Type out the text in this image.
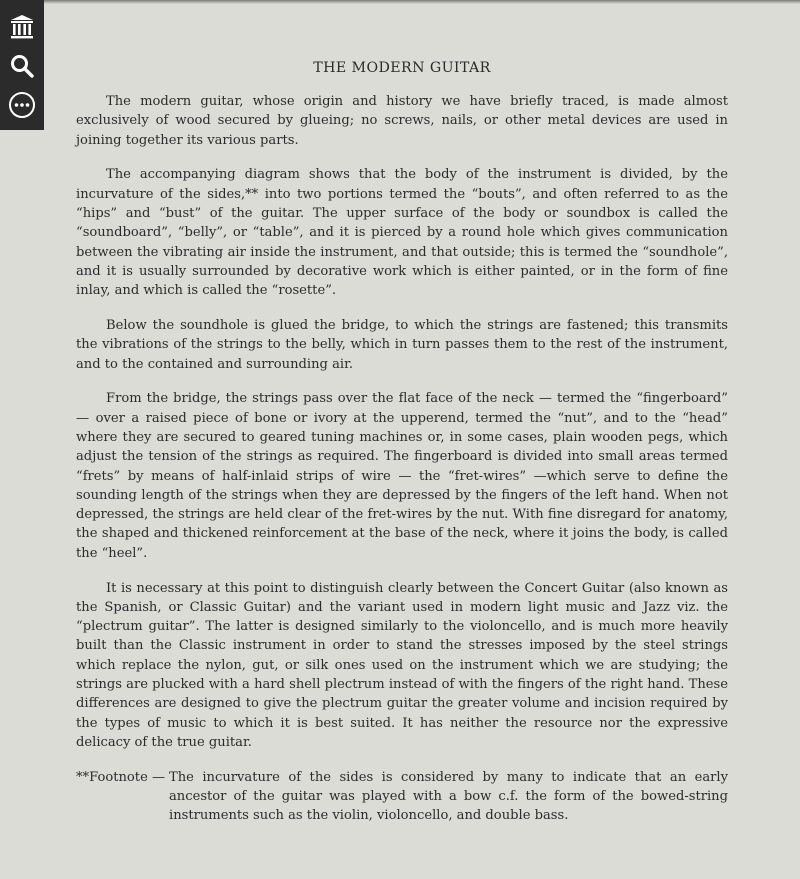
THE MODERN GUITAR

The modern guitar, whose origin and history we have briefly traced, is made almost exclusively of wood secured by glueing; no screws, nails, or other metal devices are used in joining together its various parts.

The accompanying diagram shows that the body of the instrument is divided, by the incurvature of the sides,** into two portions termed the “bouts”, and often referred to as the “hips” and “bust” of the guitar. The upper surface of the body or soundbox is called the “soundboard”, “belly”, or “table”, and it is pierced by a round hole which gives communication between the vibrating air inside the instrument, and that outside; this is termed the “soundhole”, and it is usually surrounded by decorative work which is either painted, or in the form of fine inlay, and which is called the “rosette”.

Below the soundhole is glued the bridge, to which the strings are fastened; this transmits the vibrations of the strings to the belly, which in turn passes them to the rest of the instrument, and to the contained and surrounding air.

From the bridge, the strings pass over the flat face of the neck — termed the “fingerboard” — over a raised piece of bone or ivory at the upperend, termed the “nut”, and to the “head” where they are secured to geared tuning machines or, in some cases, plain wooden pegs, which adjust the tension of the strings as required. The fingerboard is divided into small areas termed “frets” by means of half-inlaid strips of wire — the “fret-wires” —which serve to define the sounding length of the strings when they are depressed by the fingers of the left hand. When not depressed, the strings are held clear of the fret-wires by the nut. With fine disregard for anatomy, the shaped and thickened reinforcement at the base of the neck, where it joins the body, is called the “heel”.

It is necessary at this point to distinguish clearly between the Concert Guitar (also known as the Spanish, or Classic Guitar) and the variant used in modern light music and Jazz viz. the “plectrum guitar”. The latter is designed similarly to the violoncello, and is much more heavily built than the Classic instrument in order to stand the stresses imposed by the steel strings which replace the nylon, gut, or silk ones used on the instrument which we are studying; the strings are plucked with a hard shell plectrum instead of with the fingers of the right hand. These differences are designed to give the plectrum guitar the greater volume and incision required by the types of music to which it is best suited. It has neither the resource nor the expressive delicacy of the true guitar.

**Footnote — The incurvature of the sides is considered by many to indicate that an early ancestor of the guitar was played with a bow c.f. the form of the bowed-string instruments such as the violin, violoncello, and double bass.
